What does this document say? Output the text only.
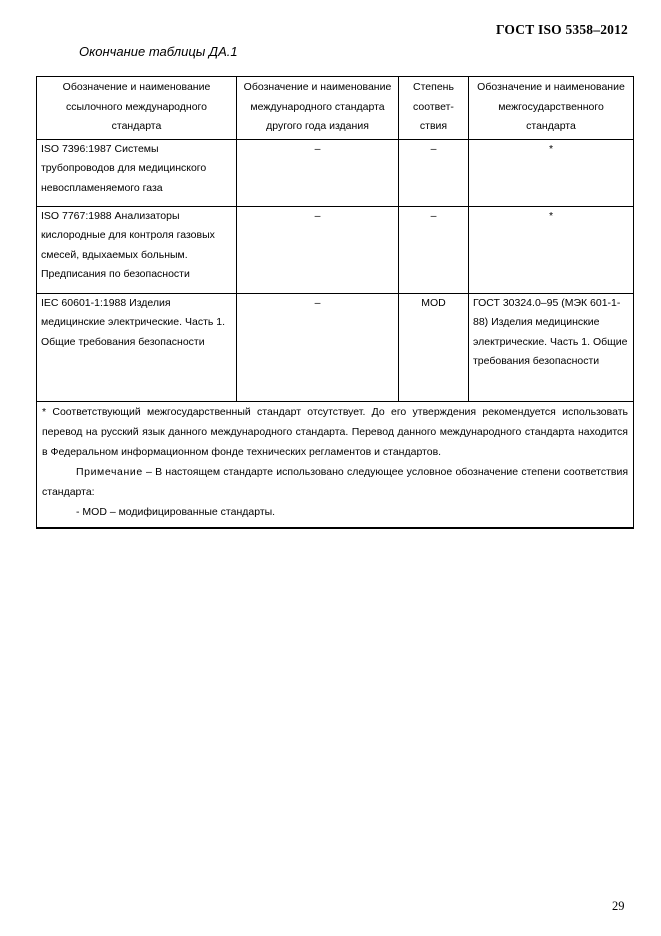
ГОСТ ISO 5358–2012
Окончание таблицы ДА.1
Обозначение и наименование ссылочного международного стандарта	Обозначение и наименование международного стандарта другого года издания	Степень соответ-ствия	Обозначение и наименование межгосударственного стандарта
ISO 7396:1987 Системы трубопроводов для медицинского невоспламеняемого газа	–	–	*
ISO 7767:1988 Анализаторы кислородные для контроля газовых смесей, вдыхаемых больным. Предписания по безопасности	–	–	*
IEC 60601-1:1988 Изделия медицинские электрические. Часть 1. Общие требования безопасности	–	MOD	ГОСТ 30324.0–95 (МЭК 601-1-88) Изделия медицинские электрические. Часть 1. Общие требования безопасности

* Соответствующий межгосударственный стандарт отсутствует. До его утверждения рекомендуется использовать перевод на русский язык данного международного стандарта. Перевод данного международного стандарта находится в Федеральном информационном фонде технических регламентов и стандартов.
Примечание – В настоящем стандарте использовано следующее условное обозначение степени соответствия стандарта:
- MOD – модифицированные стандарты.			
29
